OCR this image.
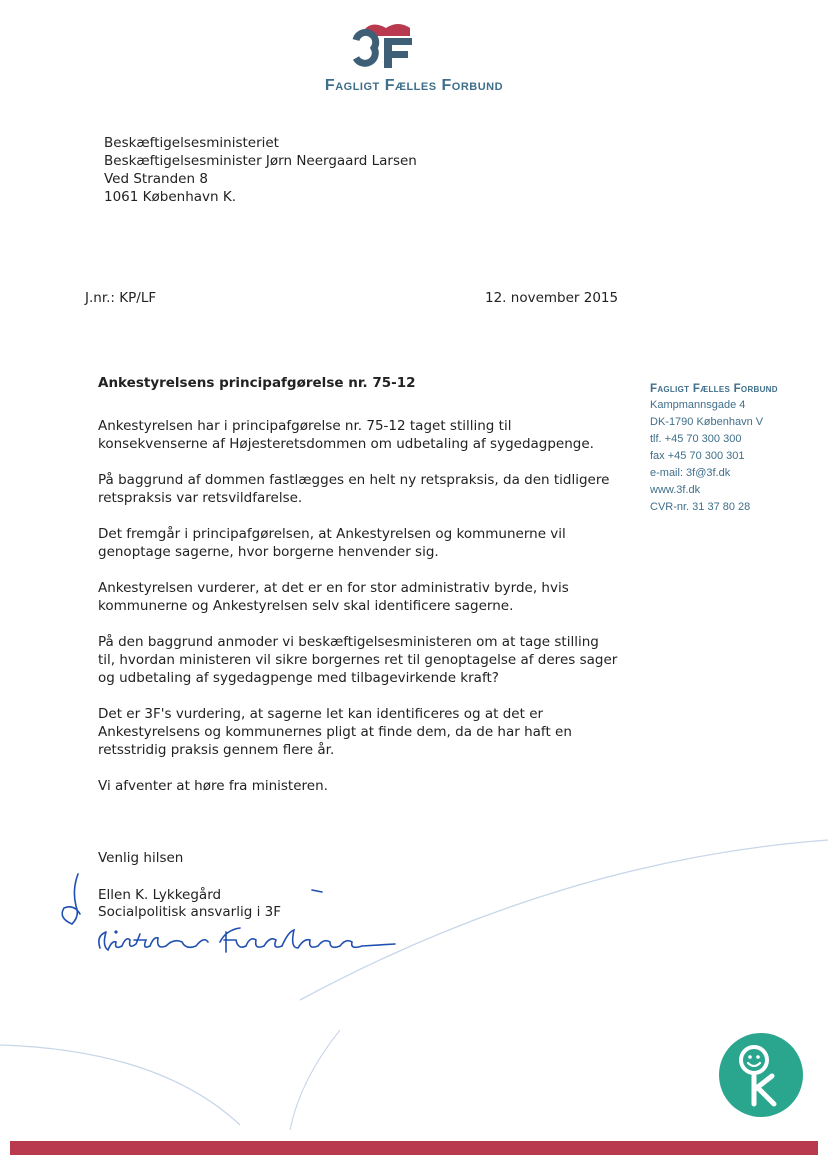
Fagligt Fælles Forbund
Beskæftigelsesministeriet
Beskæftigelsesminister Jørn Neergaard Larsen
Ved Stranden 8
1061 København K.
J.nr.: KP/LF	12. november 2015
Ankestyrelsens principafgørelse nr. 75-12

Ankestyrelsen har i principafgørelse nr. 75-12 taget stilling til konsekvenserne af Højesteretsdommen om udbetaling af sygedagpenge.

På baggrund af dommen fastlægges en helt ny retspraksis, da den tidligere retspraksis var retsvildfarelse.

Det fremgår i principafgørelsen, at Ankestyrelsen og kommunerne vil genoptage sagerne, hvor borgerne henvender sig.

Ankestyrelsen vurderer, at det er en for stor administrativ byrde, hvis kommunerne og Ankestyrelsen selv skal identificere sagerne.

På den baggrund anmoder vi beskæftigelsesministeren om at tage stilling til, hvordan ministeren vil sikre borgernes ret til genoptagelse af deres sager og udbetaling af sygedagpenge med tilbagevirkende kraft?

Det er 3F's vurdering, at sagerne let kan identificeres og at det er Ankestyrelsens og kommunernes pligt at finde dem, da de har haft en retsstridig praksis gennem flere år.

Vi afventer at høre fra ministeren.

Fagligt Fælles Forbund
Kampmannsgade 4
DK-1790 København V
tlf. +45 70 300 300
fax +45 70 300 301
e-mail: 3f@3f.dk
www.3f.dk
CVR-nr. 31 37 80 28
Venlig hilsen
Ellen K. Lykkegård
Socialpolitisk ansvarlig i 3F
